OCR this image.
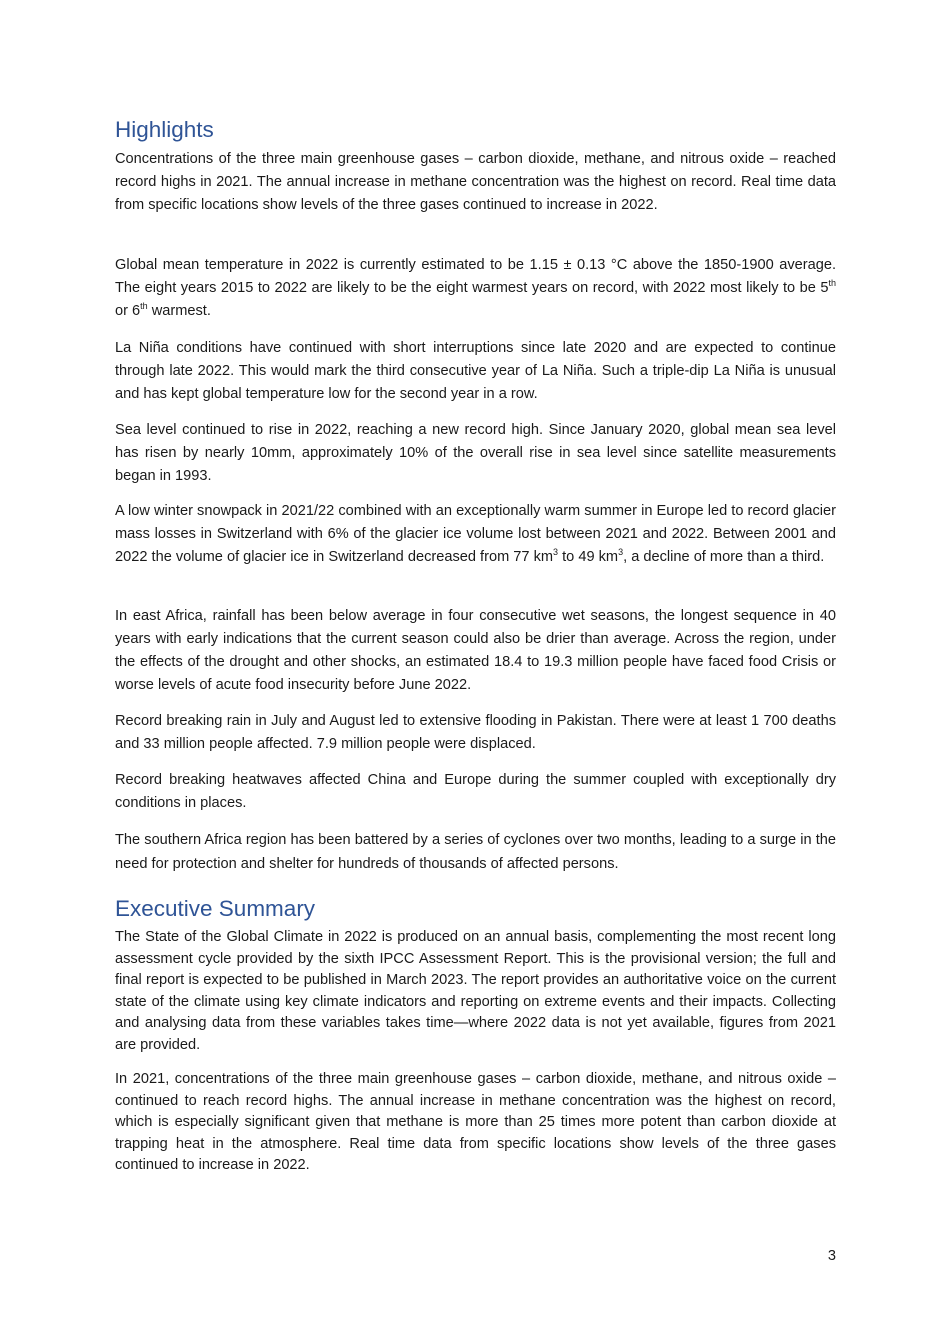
Highlights

Concentrations of the three main greenhouse gases – carbon dioxide, methane, and nitrous oxide – reached record highs in 2021. The annual increase in methane concentration was the highest on record. Real time data from specific locations show levels of the three gases continued to increase in 2022.

Global mean temperature in 2022 is currently estimated to be 1.15 ± 0.13 °C above the 1850-1900 average. The eight years 2015 to 2022 are likely to be the eight warmest years on record, with 2022 most likely to be 5th or 6th warmest.

La Niña conditions have continued with short interruptions since late 2020 and are expected to continue through late 2022. This would mark the third consecutive year of La Niña. Such a triple-dip La Niña is unusual and has kept global temperature low for the second year in a row.

Sea level continued to rise in 2022, reaching a new record high. Since January 2020, global mean sea level has risen by nearly 10mm, approximately 10% of the overall rise in sea level since satellite measurements began in 1993.

A low winter snowpack in 2021/22 combined with an exceptionally warm summer in Europe led to record glacier mass losses in Switzerland with 6% of the glacier ice volume lost between 2021 and 2022. Between 2001 and 2022 the volume of glacier ice in Switzerland decreased from 77 $km^3$ to 49 $km^3$, a decline of more than a third.

In east Africa, rainfall has been below average in four consecutive wet seasons, the longest sequence in 40 years with early indications that the current season could also be drier than average. Across the region, under the effects of the drought and other shocks, an estimated 18.4 to 19.3 million people have faced food Crisis or worse levels of acute food insecurity before June 2022.

Record breaking rain in July and August led to extensive flooding in Pakistan. There were at least 1 700 deaths and 33 million people affected. 7.9 million people were displaced.

Record breaking heatwaves affected China and Europe during the summer coupled with exceptionally dry conditions in places.

The southern Africa region has been battered by a series of cyclones over two months, leading to a surge in the need for protection and shelter for hundreds of thousands of affected persons.

Executive Summary

The State of the Global Climate in 2022 is produced on an annual basis, complementing the most recent long assessment cycle provided by the sixth IPCC Assessment Report. This is the provisional version; the full and final report is expected to be published in March 2023. The report provides an authoritative voice on the current state of the climate using key climate indicators and reporting on extreme events and their impacts. Collecting and analysing data from these variables takes time—where 2022 data is not yet available, figures from 2021 are provided.

In 2021, concentrations of the three main greenhouse gases – carbon dioxide, methane, and nitrous oxide – continued to reach record highs. The annual increase in methane concentration was the highest on record, which is especially significant given that methane is more than 25 times more potent than carbon dioxide at trapping heat in the atmosphere. Real time data from specific locations show levels of the three gases continued to increase in 2022.

3
